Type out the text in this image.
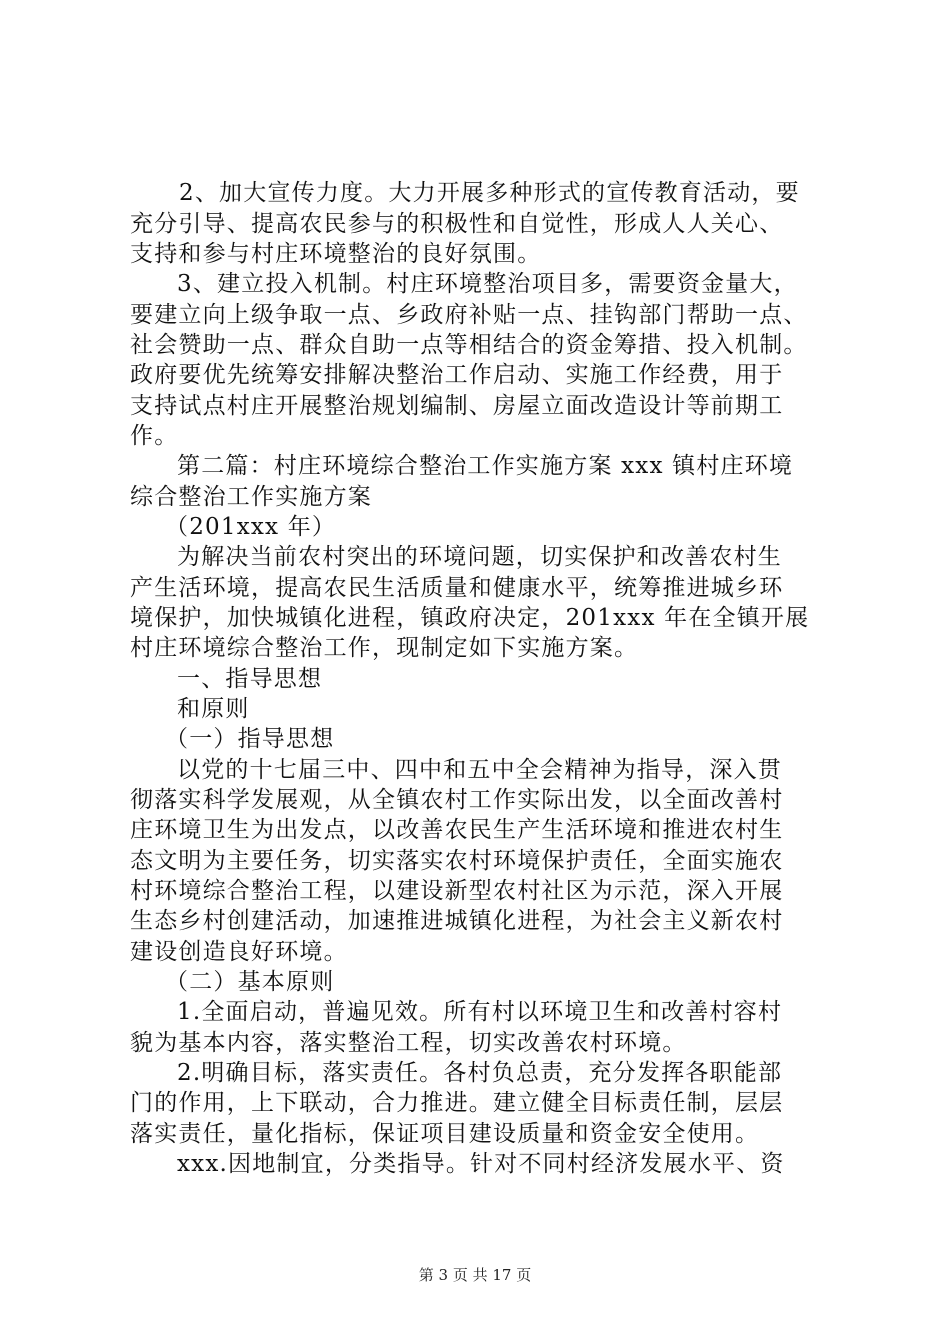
2、加大宣传力度。大力开展多种形式的宣传教育活动，要
充分引导、提高农民参与的积极性和自觉性，形成人人关心、
支持和参与村庄环境整治的良好氛围。
3、建立投入机制。村庄环境整治项目多，需要资金量大，
要建立向上级争取一点、乡政府补贴一点、挂钩部门帮助一点、
社会赞助一点、群众自助一点等相结合的资金筹措、投入机制。
政府要优先统筹安排解决整治工作启动、实施工作经费，用于
支持试点村庄开展整治规划编制、房屋立面改造设计等前期工
作。
第二篇：村庄环境综合整治工作实施方案 xxx 镇村庄环境
综合整治工作实施方案
（201xxx 年）
为解决当前农村突出的环境问题，切实保护和改善农村生
产生活环境，提高农民生活质量和健康水平，统筹推进城乡环
境保护，加快城镇化进程，镇政府决定，201xxx 年在全镇开展
村庄环境综合整治工作，现制定如下实施方案。
一、指导思想
和原则
（一）指导思想
以党的十七届三中、四中和五中全会精神为指导，深入贯
彻落实科学发展观，从全镇农村工作实际出发，以全面改善村
庄环境卫生为出发点，以改善农民生产生活环境和推进农村生
态文明为主要任务，切实落实农村环境保护责任，全面实施农
村环境综合整治工程，以建设新型农村社区为示范，深入开展
生态乡村创建活动，加速推进城镇化进程，为社会主义新农村
建设创造良好环境。
（二）基本原则
1.全面启动，普遍见效。所有村以环境卫生和改善村容村
貌为基本内容，落实整治工程，切实改善农村环境。
2.明确目标，落实责任。各村负总责，充分发挥各职能部
门的作用，上下联动，合力推进。建立健全目标责任制，层层
落实责任，量化指标，保证项目建设质量和资金安全使用。
xxx.因地制宜，分类指导。针对不同村经济发展水平、资
第 3 页 共 17 页
